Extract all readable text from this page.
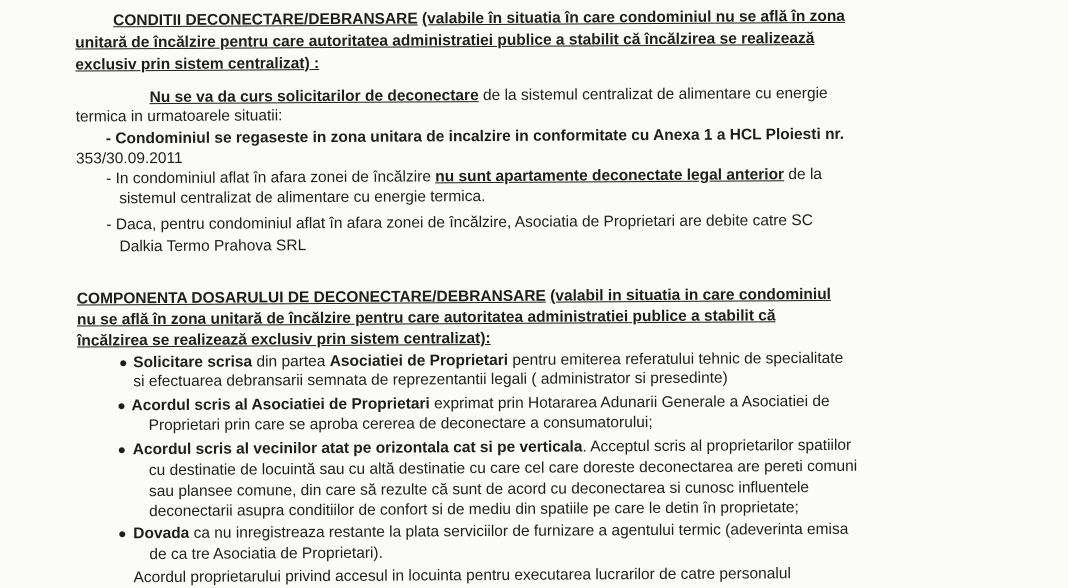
CONDITII DECONECTARE/DEBRANSARE (valabile în situatia în care condominiul nu se află în zona
unitară de încălzire pentru care autoritatea administratiei publice a stabilit că încălzirea se realizează
exclusiv prin sistem centralizat) :
Nu se va da curs solicitarilor de deconectare de la sistemul centralizat de alimentare cu energie
termica in urmatoarele situatii:
- Condominiul se regaseste in zona unitara de incalzire in conformitate cu Anexa 1 a HCL Ploiesti nr.
353/30.09.2011
- In condominiul aflat în afara zonei de încălzire nu sunt apartamente deconectate legal anterior de la
sistemul centralizat de alimentare cu energie termica.
- Daca, pentru condominiul aflat în afara zonei de încălzire, Asociatia de Proprietari are debite catre SC
Dalkia Termo Prahova SRL
COMPONENTA DOSARULUI DE DECONECTARE/DEBRANSARE (valabil in situatia in care condominiul
nu se află în zona unitară de încălzire pentru care autoritatea administratiei publice a stabilit că
încălzirea se realizează exclusiv prin sistem centralizat):
Solicitare scrisa din partea Asociatiei de Proprietari pentru emiterea referatului tehnic de specialitate
si efectuarea debransarii semnata de reprezentantii legali ( administrator si presedinte)
Acordul scris al Asociatiei de Proprietari exprimat prin Hotararea Adunarii Generale a Asociatiei de
Proprietari prin care se aproba cererea de deconectare a consumatorului;
Acordul scris al vecinilor atat pe orizontala cat si pe verticala. Acceptul scris al proprietarilor spatiilor
cu destinatie de locuintă sau cu altă destinatie cu care cel care doreste deconectarea are pereti comuni
sau plansee comune, din care să rezulte că sunt de acord cu deconectarea si cunosc influentele
deconectarii asupra conditiilor de confort si de mediu din spatiile pe care le detin în proprietate;
Dovada ca nu inregistreaza restante la plata serviciilor de furnizare a agentului termic (adeverinta emisa
de ca tre Asociatia de Proprietari).
Acordul proprietarului privind accesul in locuinta pentru executarea lucrarilor de catre personalul
